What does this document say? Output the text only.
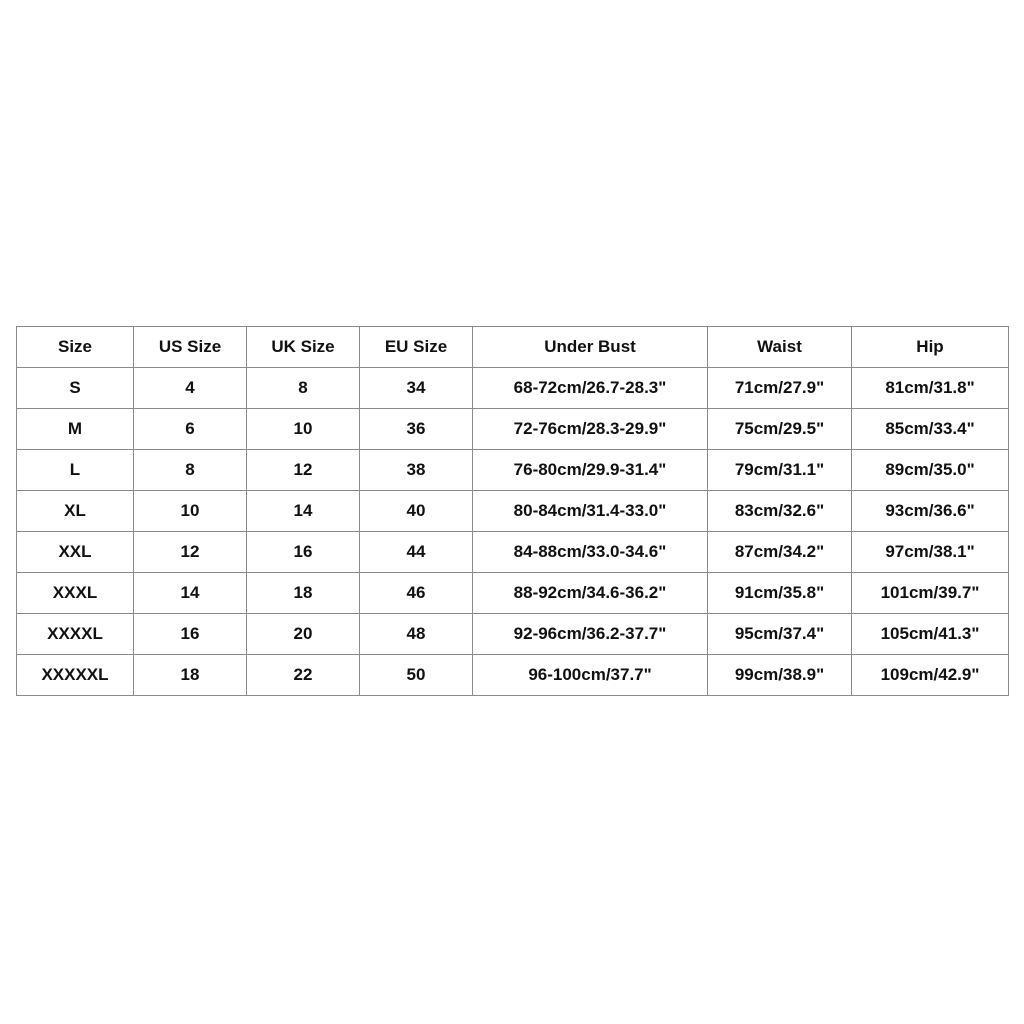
Size	US Size	UK Size	EU Size	Under Bust	Waist	Hip
S	4	8	34	68-72cm/26.7-28.3"	71cm/27.9"	81cm/31.8"
M	6	10	36	72-76cm/28.3-29.9"	75cm/29.5"	85cm/33.4"
L	8	12	38	76-80cm/29.9-31.4"	79cm/31.1"	89cm/35.0"
XL	10	14	40	80-84cm/31.4-33.0"	83cm/32.6"	93cm/36.6"
XXL	12	16	44	84-88cm/33.0-34.6"	87cm/34.2"	97cm/38.1"
XXXL	14	18	46	88-92cm/34.6-36.2"	91cm/35.8"	101cm/39.7"
XXXXL	16	20	48	92-96cm/36.2-37.7"	95cm/37.4"	105cm/41.3"
XXXXXL	18	22	50	96-100cm/37.7"	99cm/38.9"	109cm/42.9"
